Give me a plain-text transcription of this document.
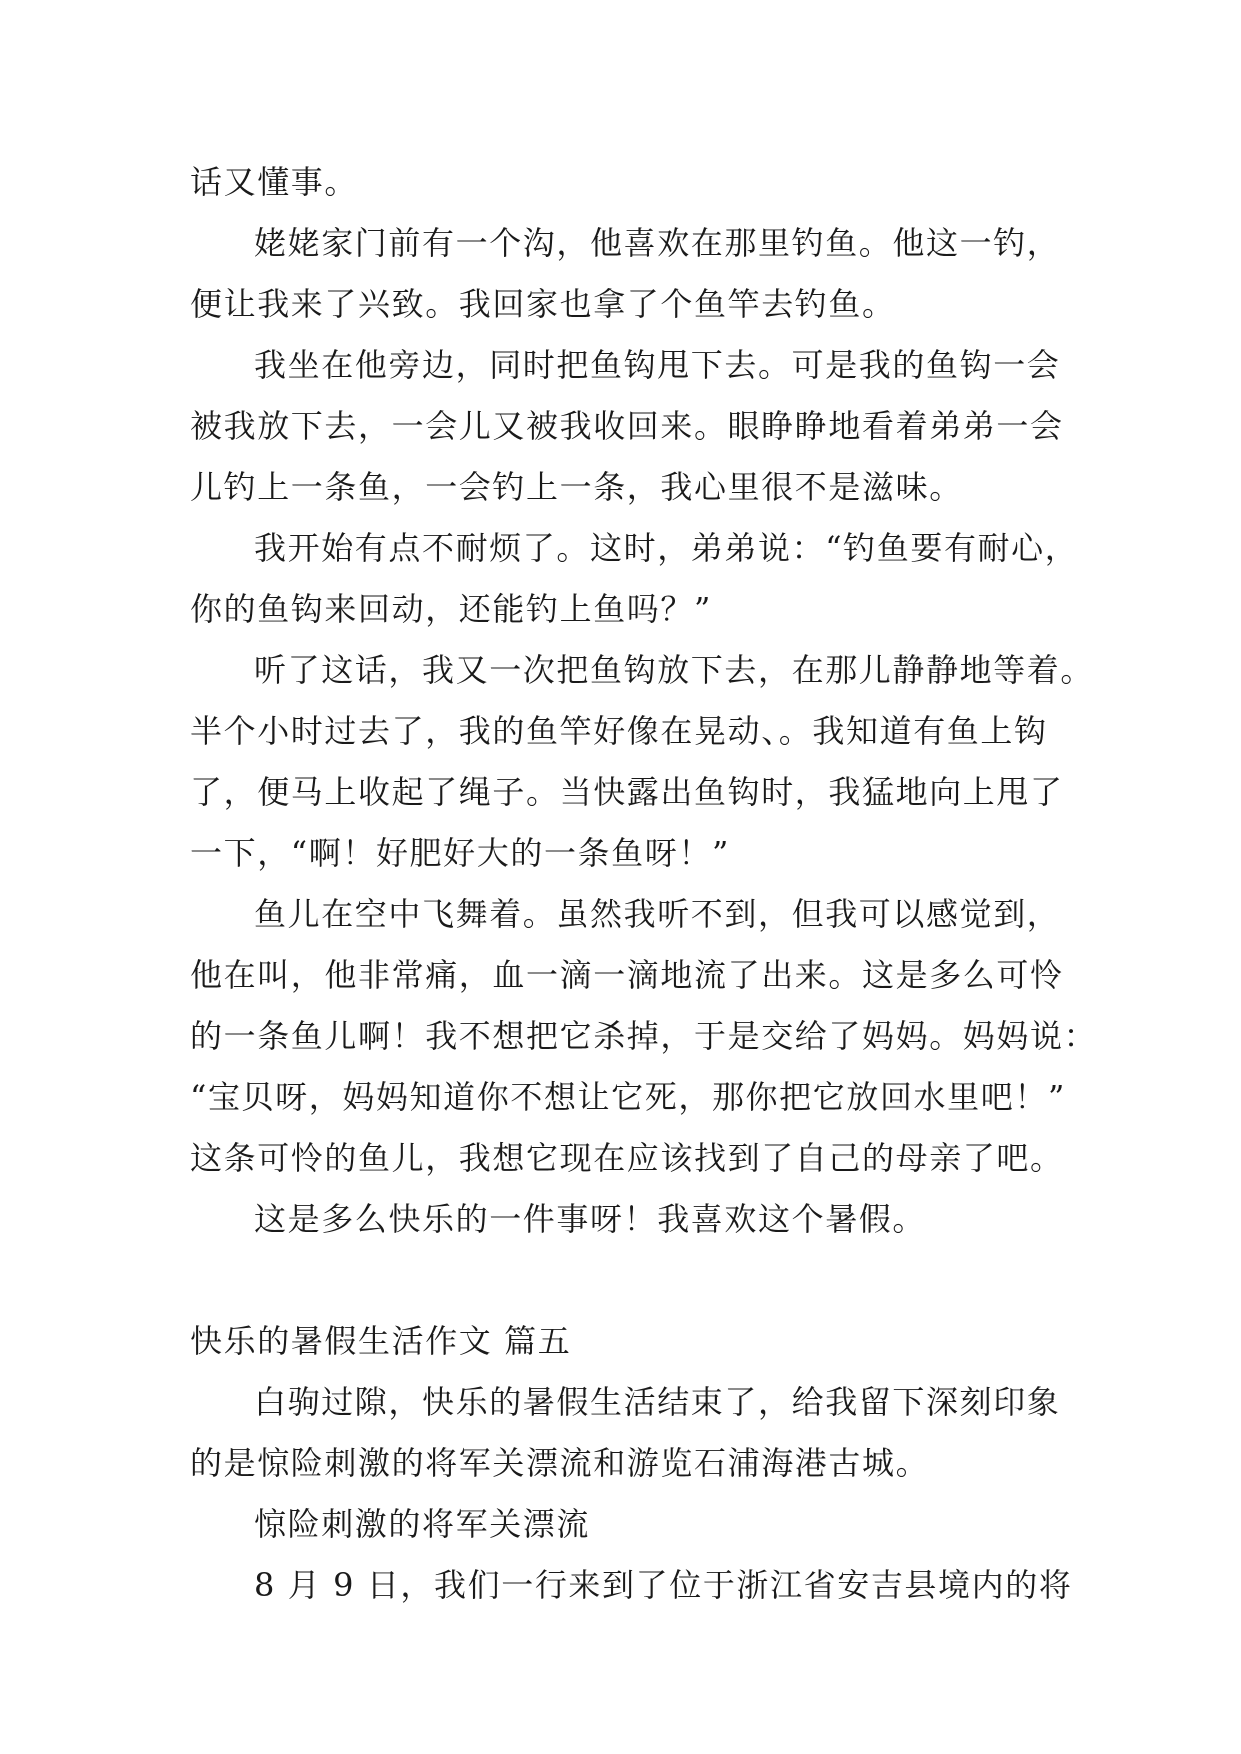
话又懂事。
姥姥家门前有一个沟，他喜欢在那里钓鱼。他这一钓，
便让我来了兴致。我回家也拿了个鱼竿去钓鱼。
我坐在他旁边，同时把鱼钩甩下去。可是我的鱼钩一会
被我放下去，一会儿又被我收回来。眼睁睁地看着弟弟一会
儿钓上一条鱼，一会钓上一条，我心里很不是滋味。
我开始有点不耐烦了。这时，弟弟说：“钓鱼要有耐心，
你的鱼钩来回动，还能钓上鱼吗？”
听了这话，我又一次把鱼钩放下去，在那儿静静地等着。
半个小时过去了，我的鱼竿好像在晃动、。我知道有鱼上钩
了，便马上收起了绳子。当快露出鱼钩时，我猛地向上甩了
一下，“啊！好肥好大的一条鱼呀！”
鱼儿在空中飞舞着。虽然我听不到，但我可以感觉到，
他在叫，他非常痛，血一滴一滴地流了出来。这是多么可怜
的一条鱼儿啊！我不想把它杀掉，于是交给了妈妈。妈妈说：
“宝贝呀，妈妈知道你不想让它死，那你把它放回水里吧！”
这条可怜的鱼儿，我想它现在应该找到了自己的母亲了吧。
这是多么快乐的一件事呀！我喜欢这个暑假。
快乐的暑假生活作文 篇五
白驹过隙，快乐的暑假生活结束了，给我留下深刻印象
的是惊险刺激的将军关漂流和游览石浦海港古城。
惊险刺激的将军关漂流
8 月 9 日，我们一行来到了位于浙江省安吉县境内的将
